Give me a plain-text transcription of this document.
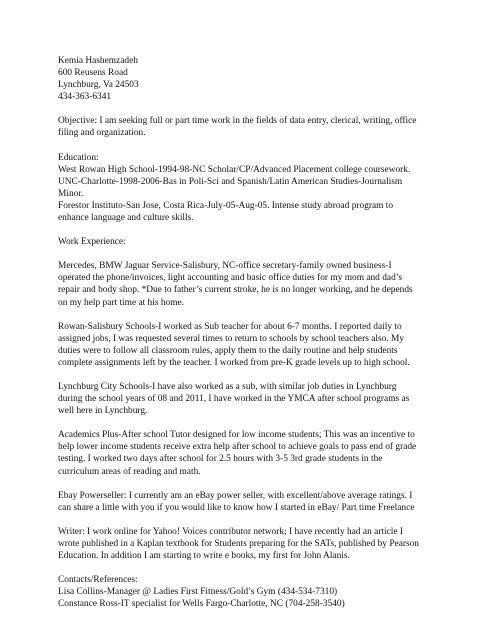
Kemia Hashemzadeh
600 Reusens Road
Lynchburg, Va 24503
434-363-6341
Objective: I am seeking full or part time work in the fields of data entry, clerical, writing, office
filing and organization.
Education:
West Rowan High School-1994-98-NC Scholar/CP/Advanced Placement college coursework.
UNC-Charlotte-1998-2006-Bas in Poli-Sci and Spanish/Latin American Studies-Journalism
Minor.
Forestor Instituto-San Jose, Costa Rica-July-05-Aug-05. Intense study abroad program to
enhance language and culture skills.
Work Experience:
Mercedes, BMW Jaguar Service-Salisbury, NC-office secretary-family owned business-I
operated the phone/invoices, light accounting and basic office duties for my mom and dad’s
repair and body shop. *Due to father’s current stroke, he is no longer working, and he depends
on my help part time at his home.
Rowan-Salisbury Schools-I worked as Sub teacher for about 6-7 months. I reported daily to
assigned jobs, I was requested several times to return to schools by school teachers also. My
duties were to follow all classroom rules, apply them to the daily routine and help students
complete assignments left by the teacher. I worked from pre-K grade levels up to high school.
Lynchburg City Schools-I have also worked as a sub, with similar job duties in Lynchburg
during the school years of 08 and 2011, I have worked in the YMCA after school programs as
well here in Lynchburg.
Academics Plus-After school Tutor designed for low income students; This was an incentive to
help lower income students receive extra help after school to achieve goals to pass end of grade
testing. I worked two days after school for 2.5 hours with 3-5 3rd grade students in the
curriculum areas of reading and math.
Ebay Powerseller: I currently am an eBay power seller, with excellent/above average ratings. I
can share a little with you if you would like to know how I started in eBay/ Part time Freelance
Writer: I work online for Yahoo! Voices contributor network; I have recently had an article I
wrote published in a Kaplan textbook for Students preparing for the SATs, published by Pearson
Education. In addition I am starting to write e books, my first for John Alanis.
Contacts/References:
Lisa Collins-Manager @ Ladies First Fitness/Gold’s Gym (434-534-7310)
Constance Ross-IT specialist for Wells Fargo-Charlotte, NC (704-258-3540)
